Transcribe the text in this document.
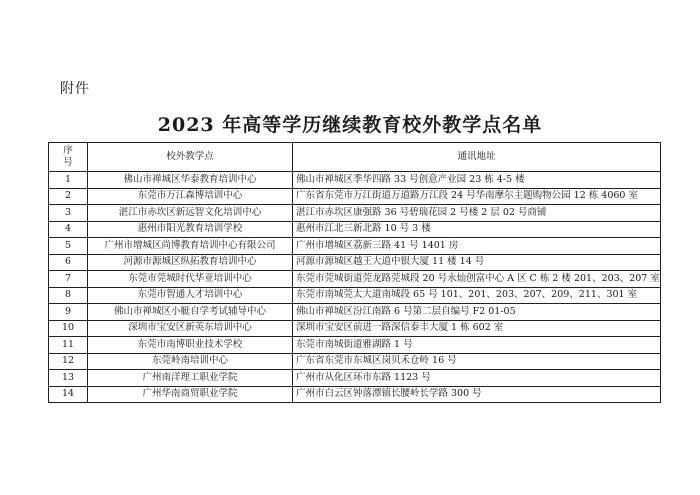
附件
2023 年高等学历继续教育校外教学点名单
序号	校外教学点	通讯地址
1	佛山市禅城区华泰教育培训中心	佛山市禅城区季华四路 33 号创意产业园 23 栋 4-5 楼
2	东莞市万江森博培训中心	广东省东莞市万江街道万道路万江段 24 号华南摩尔主题购物公园 12 栋 4060 室
3	湛江市赤坎区新远智文化培训中心	湛江市赤坎区康强路 36 号碧瑞花园 2 号楼 2 层 02 号商铺
4	惠州市阳光教育培训学校	惠州市江北三新北路 10 号 3 楼
5	广州市增城区尚博教育培训中心有限公司	广州市增城区荔新三路 41 号 1401 房
6	河源市源城区纵拓教育培训中心	河源市源城区越王大道中银大厦 11 楼 14 号
7	东莞市莞城时代华亚培训中心	东莞市莞城街道莞龙路莞城段 20 号永灿创富中心 A 区 C 栋 2 楼 201、203、207 室
8	东莞市智通人才培训中心	东莞市南城莞太大道南城段 65 号 101、201、203、207、209、211、301 室
9	佛山市禅城区小艇自学考试辅导中心	佛山市禅城区汾江南路 6 号第二层自编号 F2 01-05
10	深圳市宝安区新英东培训中心	深圳市宝安区前进一路深信泰丰大厦 1 栋 602 室
11	东莞市南博职业技术学校	东莞市南城街道雅湖路 1 号
12	东莞岭南培训中心	广东省东莞市东城区岗贝禾仓岭 16 号
13	广州南洋理工职业学院	广州市从化区环市东路 1123 号
14	广州华南商贸职业学院	广州市白云区钟落潭镇长腰岭长学路 300 号
